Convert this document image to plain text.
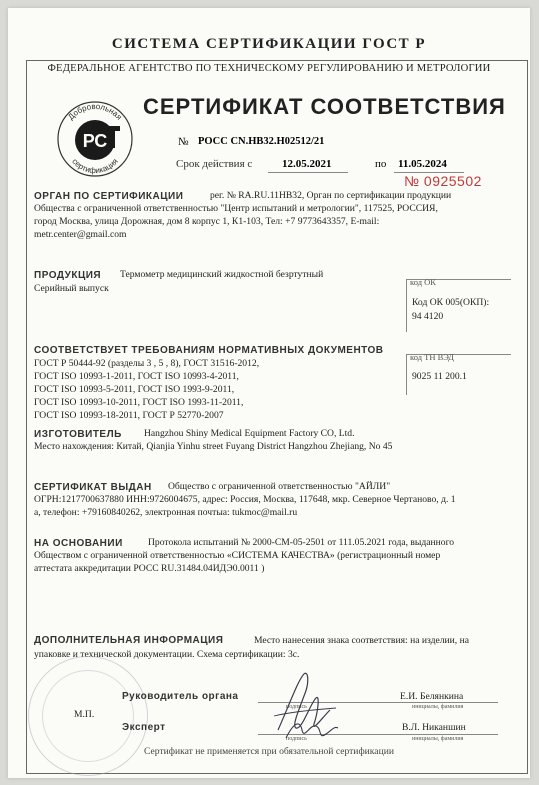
СИСТЕМА СЕРТИФИКАЦИИ ГОСТ Р
ФЕДЕРАЛЬНОЕ АГЕНТСТВО ПО ТЕХНИЧЕСКОМУ РЕГУЛИРОВАНИЮ И МЕТРОЛОГИИ
Добровольная
сертификация
РС
СЕРТИФИКАТ СООТВЕТСТВИЯ
№ РОСС CN.НВ32.Н02512/21
Срок действия с	12.05.2021	по 11.05.2024
№ 0925502
ОРГАН ПО СЕРТИФИКАЦИИ	рег. № RA.RU.11НВ32, Орган по сертификации продукции
Общества с ограниченной ответственностью "Центр испытаний и метрологии", 117525, РОССИЯ,
город Москва, улица Дорожная, дом 8 корпус 1, К1-103, Тел: +7 9773643357, E-mail:
metr.center@gmail.com
ПРОДУКЦИЯ Термометр медицинский жидкостной безртутный
Серийный выпуск
код ОК
Код ОК 005(ОКП):
94 4120
СООТВЕТСТВУЕТ ТРЕБОВАНИЯМ НОРМАТИВНЫХ ДОКУМЕНТОВ
ГОСТ Р 50444-92 (разделы 3 , 5 , 8), ГОСТ 31516-2012,
ГОСТ ISO 10993-1-2011, ГОСТ ISO 10993-4-2011,
ГОСТ ISO 10993-5-2011, ГОСТ ISO 1993-9-2011,
ГОСТ ISO 10993-10-2011, ГОСТ ISO 1993-11-2011,
ГОСТ ISO 10993-18-2011, ГОСТ Р 52770-2007
код ТН ВЭД
9025 11 200.1
ИЗГОТОВИТЕЛЬ Hangzhou Shiny Medical Equipment Factory CO, Ltd.
Место нахождения: Китай, Qianjia Yinhu street Fuyang District Hangzhou Zhejiang, No 45
СЕРТИФИКАТ ВЫДАН Общество с ограниченной ответственностью "АЙЛИ"
ОГРН:1217700637880 ИНН:9726004675, адрес: Россия, Москва, 117648, мкр. Северное Чертаново, д. 1
а, телефон: +79160840262, электронная почтыа: tukmoc@mail.ru
НА ОСНОВАНИИ	Протокола испытаний № 2000-СМ-05-2501 от 111.05.2021 года, выданного
Обществом с ограниченной ответственностью «СИСТЕМА КАЧЕСТВА» (регистрационный номер
аттестата аккредитации РОСС RU.31484.04ИДЭ0.0011 )
ДОПОЛНИТЕЛЬНАЯ ИНФОРМАЦИЯ	Место нанесения знака соответствия: на изделии, на
упаковке и технической документации. Схема сертификации: 3с.
М.П.
Руководитель органа	Е.И. Белянкина
подпись	инициалы, фамилия
Эксперт	В.Л. Никаншин
подпись	инициалы, фамилия
Сертификат не применяется при обязательной сертификации
